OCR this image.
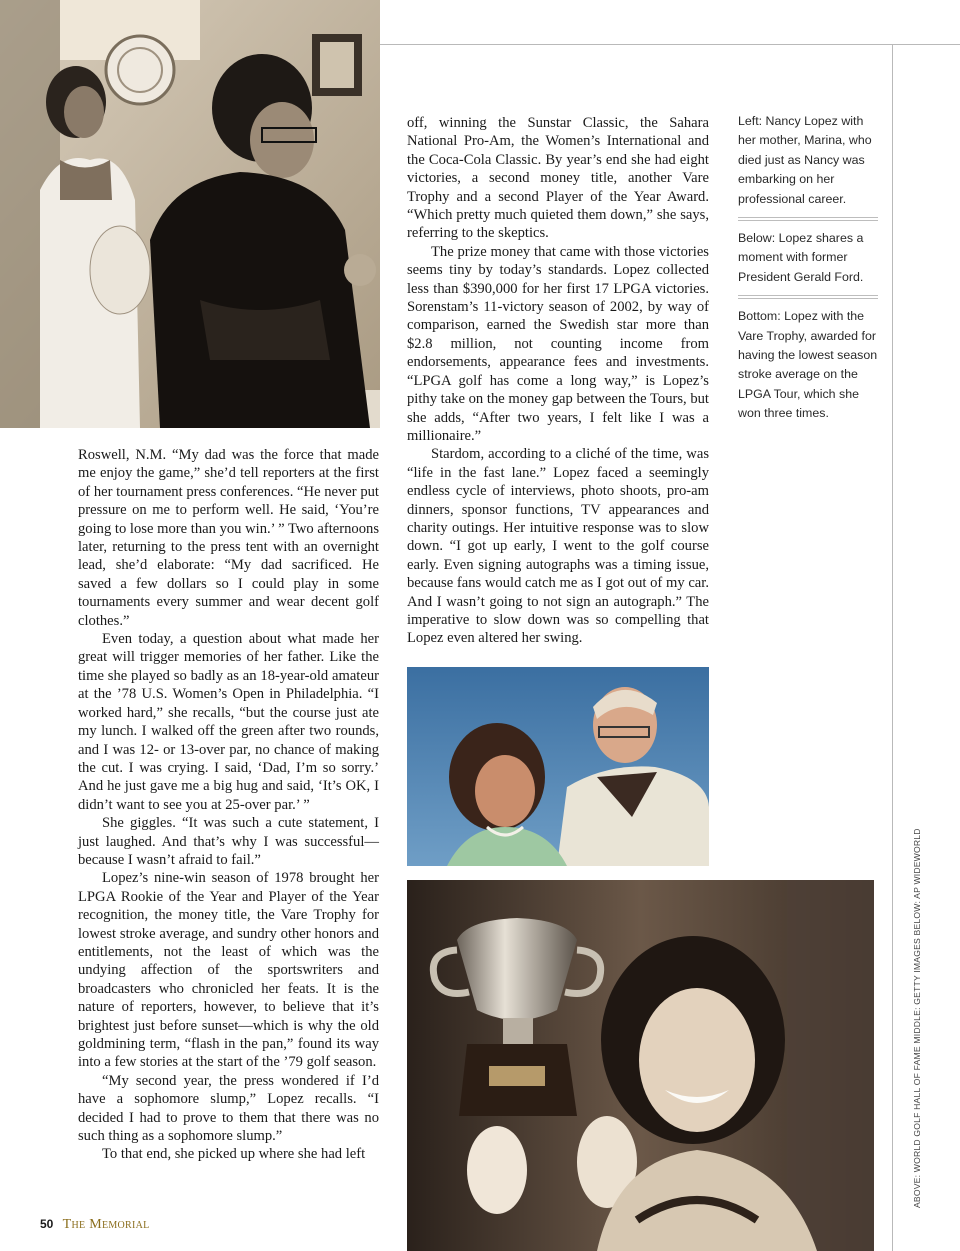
Roswell, N.M. “My dad was the force that made me enjoy the game,” she’d tell reporters at the first of her tournament press conferences. “He never put pressure on me to perform well. He said, ‘You’re going to lose more than you win.’ ” Two afternoons later, returning to the press tent with an overnight lead, she’d elaborate: “My dad sacrificed. He saved a few dollars so I could play in some tournaments every summer and wear decent golf clothes.”

Even today, a question about what made her great will trigger memories of her father. Like the time she played so badly as an 18-year-old amateur at the ’78 U.S. Women’s Open in Philadelphia. “I worked hard,” she recalls, “but the course just ate my lunch. I walked off the green after two rounds, and I was 12- or 13-over par, no chance of making the cut. I was crying. I said, ‘Dad, I’m so sorry.’ And he just gave me a big hug and said, ‘It’s OK, I didn’t want to see you at 25-over par.’ ”

She giggles. “It was such a cute statement, I just laughed. And that’s why I was successful—because I wasn’t afraid to fail.”

Lopez’s nine-win season of 1978 brought her LPGA Rookie of the Year and Player of the Year recognition, the money title, the Vare Trophy for lowest stroke average, and sundry other honors and entitlements, not the least of which was the undying affection of the sportswriters and broadcasters who chronicled her feats. It is the nature of reporters, however, to believe that it’s brightest just before sunset—which is why the old goldmining term, “flash in the pan,” found its way into a few stories at the start of the ’79 golf season.

“My second year, the press wondered if I’d have a sophomore slump,” Lopez recalls. “I decided I had to prove to them that there was no such thing as a sophomore slump.”

To that end, she picked up where she had left

off, winning the Sunstar Classic, the Sahara National Pro-Am, the Women’s International and the Coca-Cola Classic. By year’s end she had eight victories, a second money title, another Vare Trophy and a second Player of the Year Award. “Which pretty much quieted them down,” she says, referring to the skeptics.

The prize money that came with those victories seems tiny by today’s standards. Lopez collected less than $390,000 for her first 17 LPGA victories. Sorenstam’s 11-victory season of 2002, by way of comparison, earned the Swedish star more than $2.8 million, not counting income from endorsements, appearance fees and investments. “LPGA golf has come a long way,” is Lopez’s pithy take on the money gap between the Tours, but she adds, “After two years, I felt like I was a millionaire.”

Stardom, according to a cliché of the time, was “life in the fast lane.” Lopez faced a seemingly endless cycle of interviews, photo shoots, pro-am dinners, sponsor functions, TV appearances and charity outings. Her intuitive response was to slow down. “I got up early, I went to the golf course early. Even signing autographs was a timing issue, because fans would catch me as I got out of my car. And I wasn’t going to not sign an autograph.” The imperative to slow down was so compelling that Lopez even altered her swing.

Left: Nancy Lopez with her mother, Marina, who died just as Nancy was embarking on her professional career.

Below: Lopez shares a moment with former President Gerald Ford.

Bottom: Lopez with the Vare Trophy, awarded for having the lowest season stroke average on the LPGA Tour, which she won three times.

ABOVE: WORLD GOLF HALL OF FAME MIDDLE: GETTY IMAGES BELOW: AP WIDEWORLD
50 The Memorial
